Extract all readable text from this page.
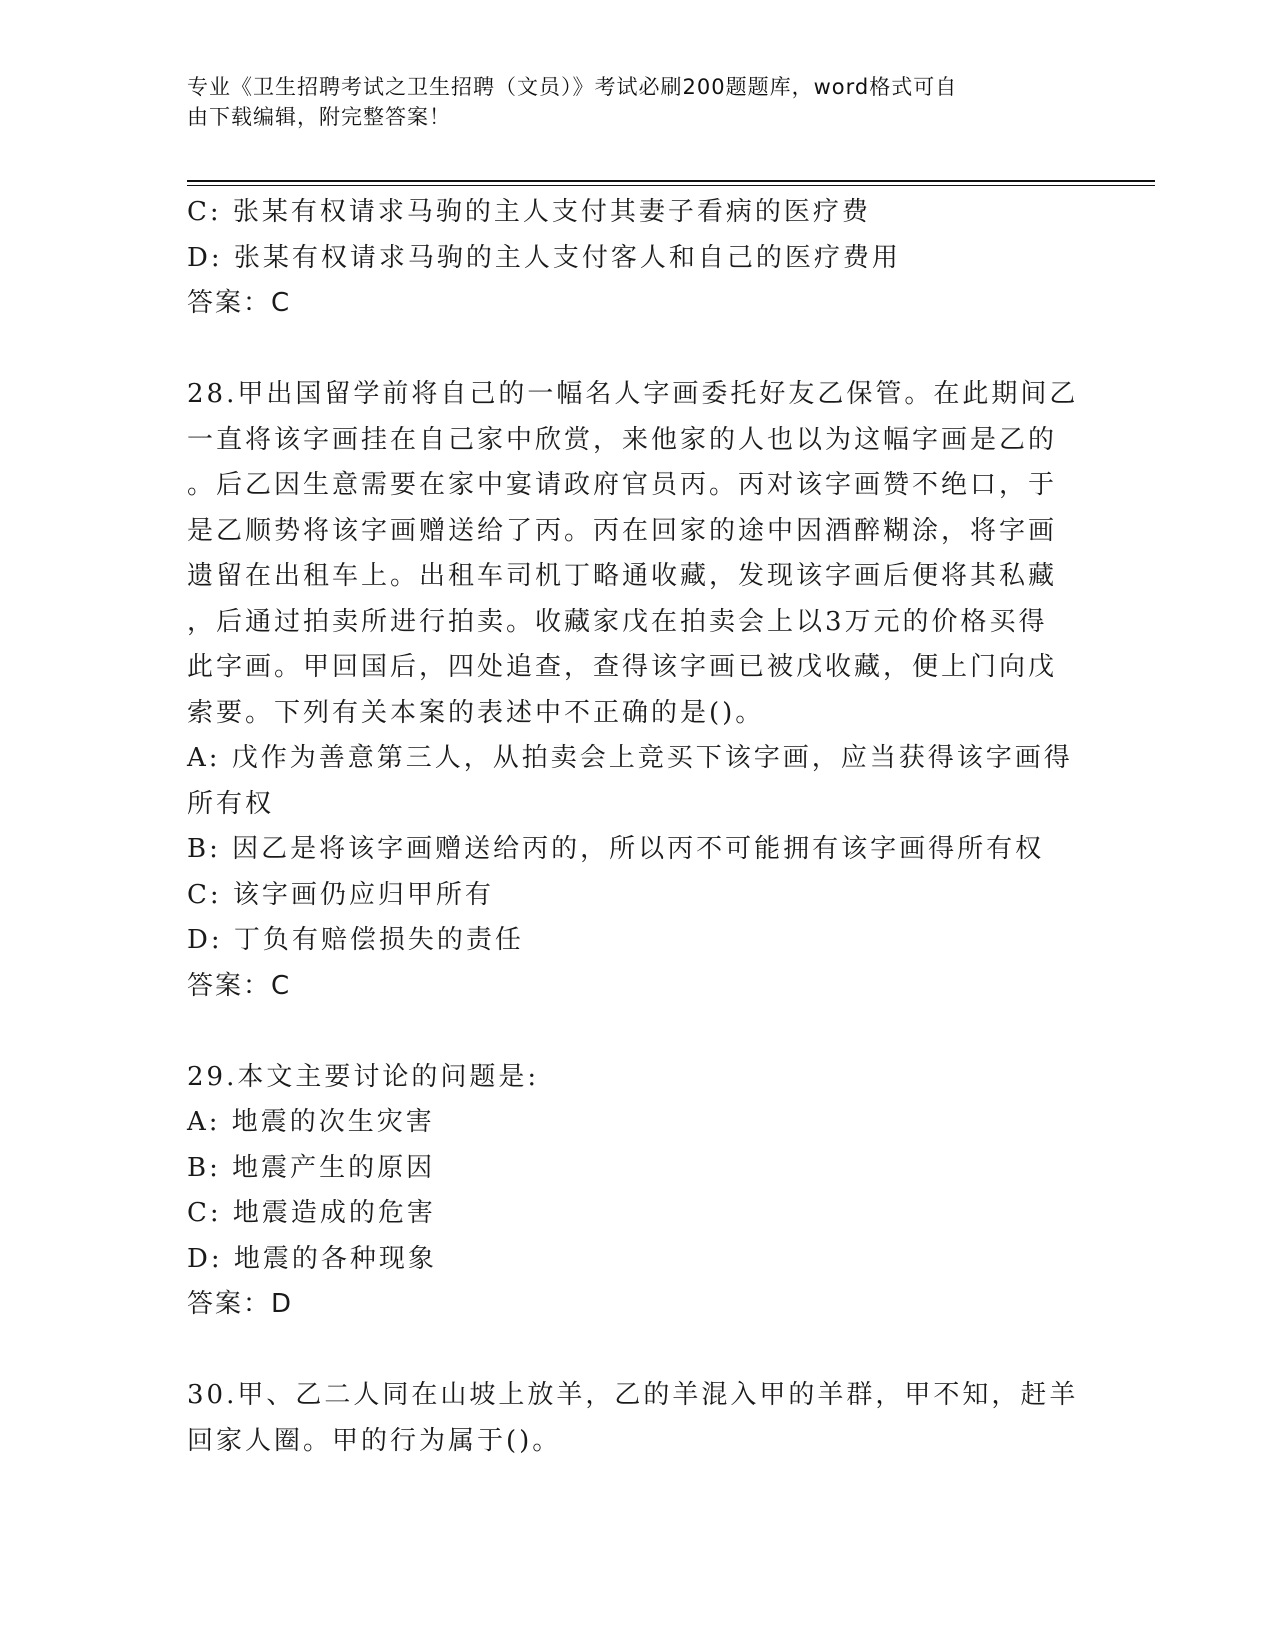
专业《卫生招聘考试之卫生招聘（文员）》考试必刷200题题库，word格式可自
由下载编辑，附完整答案！
C: 张某有权请求马驹的主人支付其妻子看病的医疗费
D: 张某有权请求马驹的主人支付客人和自己的医疗费用
答案：C
28.甲出国留学前将自己的一幅名人字画委托好友乙保管。在此期间乙
一直将该字画挂在自己家中欣赏，来他家的人也以为这幅字画是乙的
。后乙因生意需要在家中宴请政府官员丙。丙对该字画赞不绝口，于
是乙顺势将该字画赠送给了丙。丙在回家的途中因酒醉糊涂，将字画
遗留在出租车上。出租车司机丁略通收藏，发现该字画后便将其私藏
，后通过拍卖所进行拍卖。收藏家戊在拍卖会上以3万元的价格买得
此字画。甲回国后，四处追查，查得该字画已被戊收藏，便上门向戊
索要。下列有关本案的表述中不正确的是()。
A: 戊作为善意第三人，从拍卖会上竞买下该字画，应当获得该字画得
所有权
B: 因乙是将该字画赠送给丙的，所以丙不可能拥有该字画得所有权
C: 该字画仍应归甲所有
D: 丁负有赔偿损失的责任
答案：C
29.本文主要讨论的问题是:
A: 地震的次生灾害
B: 地震产生的原因
C: 地震造成的危害
D: 地震的各种现象
答案：D
30.甲、乙二人同在山坡上放羊，乙的羊混入甲的羊群，甲不知，赶羊
回家人圈。甲的行为属于()。
